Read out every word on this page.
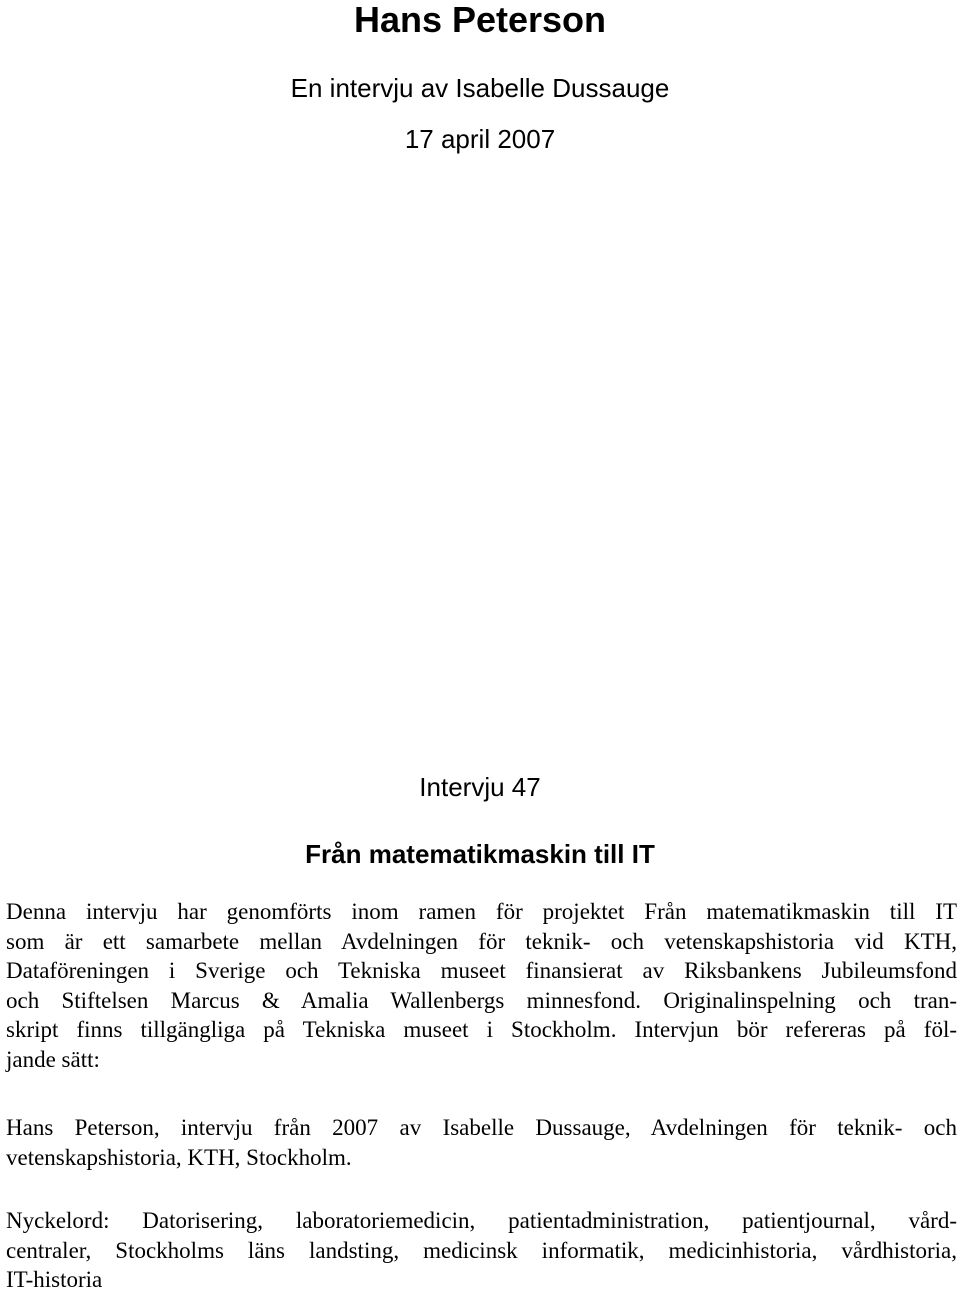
Hans Peterson

En intervju av Isabelle Dussauge

17 april 2007

Intervju 47

Från matematikmaskin till IT

Denna intervju har genomförts inom ramen för projektet Från matematikmaskin till IT
som är ett samarbete mellan Avdelningen för teknik- och vetenskapshistoria vid KTH,
Dataföreningen i Sverige och Tekniska museet finansierat av Riksbankens Jubileumsfond
och Stiftelsen Marcus & Amalia Wallenbergs minnesfond. Originalinspelning och tran-
skript finns tillgängliga på Tekniska museet i Stockholm. Intervjun bör refereras på föl-
jande sätt:
Hans Peterson, intervju från 2007 av Isabelle Dussauge, Avdelningen för teknik- och
vetenskapshistoria, KTH, Stockholm.
Nyckelord: Datorisering, laboratoriemedicin, patientadministration, patientjournal, vård-
centraler, Stockholms läns landsting, medicinsk informatik, medicinhistoria, vårdhistoria,
IT-historia
